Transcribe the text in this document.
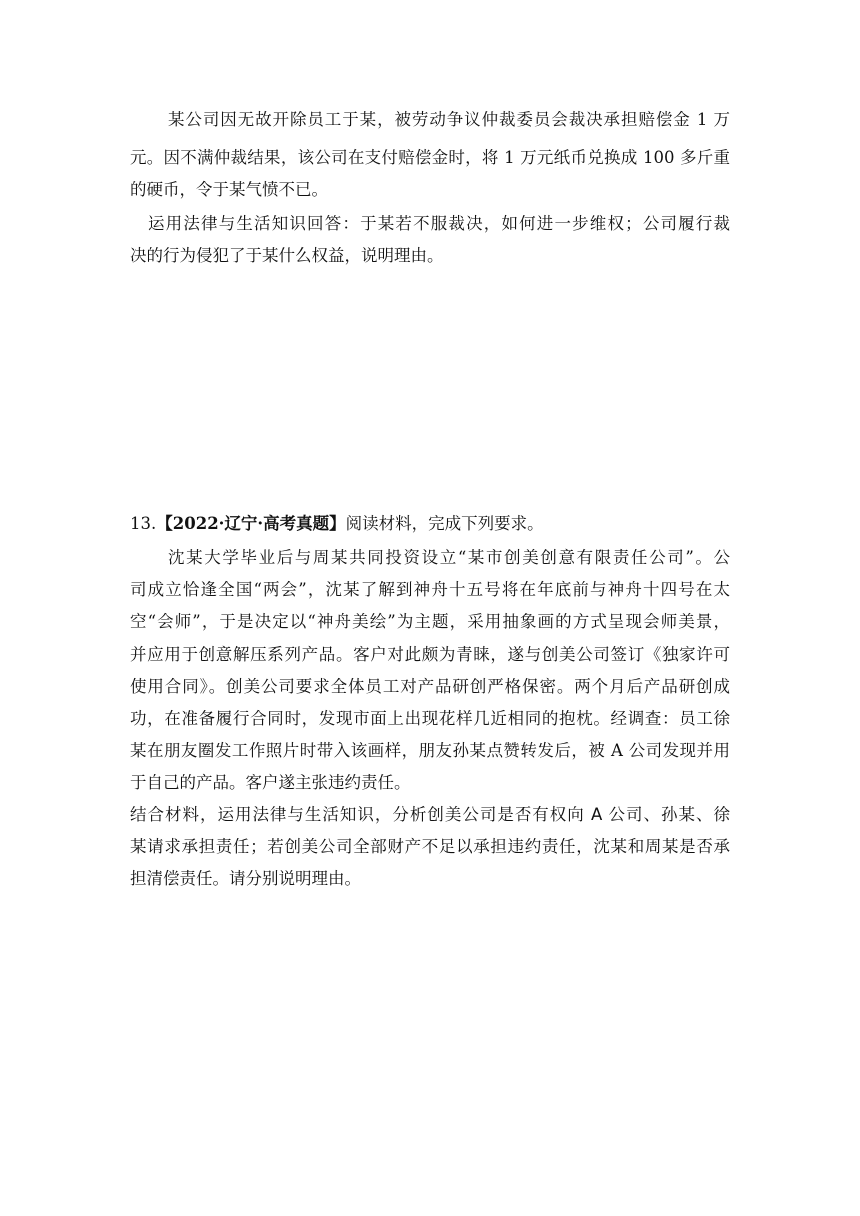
某公司因无故开除员工于某，被劳动争议仲裁委员会裁决承担赔偿金 1 万
元。因不满仲裁结果，该公司在支付赔偿金时，将 1 万元纸币兑换成 100 多斤重
的硬币，令于某气愤不已。
运用法律与生活知识回答：于某若不服裁决，如何进一步维权；公司履行裁
决的行为侵犯了于某什么权益，说明理由。
13.【2022·辽宁·高考真题】阅读材料，完成下列要求。
沈某大学毕业后与周某共同投资设立“某市创美创意有限责任公司”。公
司成立恰逢全国“两会”，沈某了解到神舟十五号将在年底前与神舟十四号在太
空“会师”，于是决定以“神舟美绘”为主题，采用抽象画的方式呈现会师美景，
并应用于创意解压系列产品。客户对此颇为青睐，遂与创美公司签订《独家许可
使用合同》。创美公司要求全体员工对产品研创严格保密。两个月后产品研创成
功，在准备履行合同时，发现市面上出现花样几近相同的抱枕。经调查：员工徐
某在朋友圈发工作照片时带入该画样，朋友孙某点赞转发后，被 A 公司发现并用
于自己的产品。客户遂主张违约责任。
结合材料，运用法律与生活知识，分析创美公司是否有权向 A 公司、孙某、徐
某请求承担责任；若创美公司全部财产不足以承担违约责任，沈某和周某是否承
担清偿责任。请分别说明理由。
